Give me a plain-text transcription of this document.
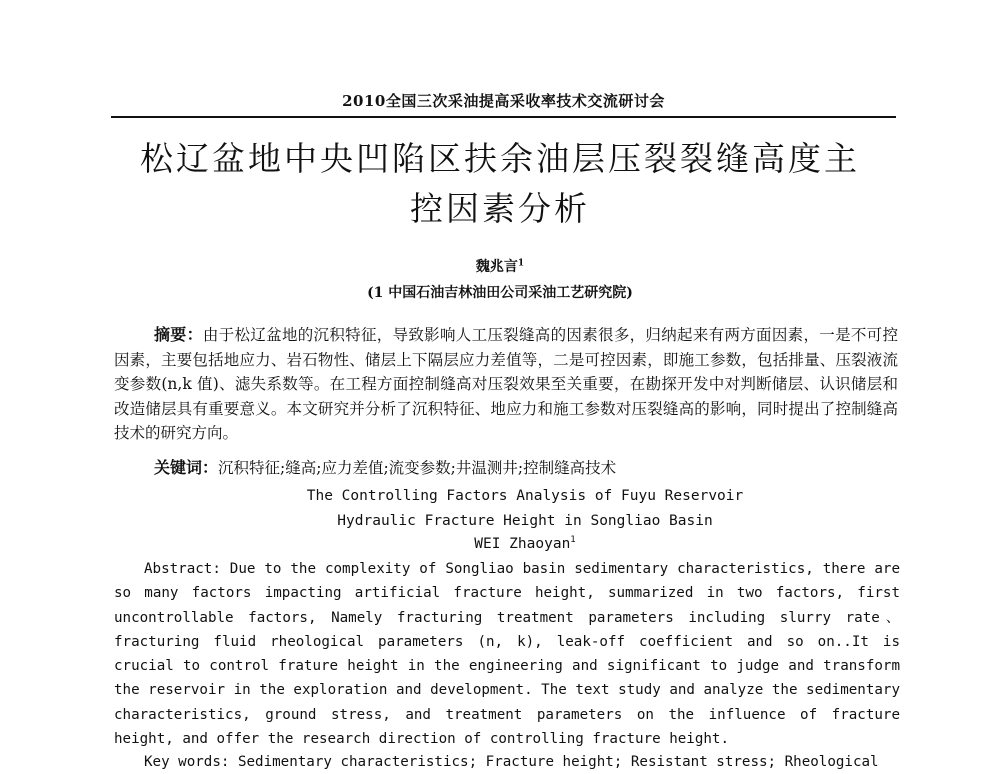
2010全国三次采油提高采收率技术交流研讨会
松辽盆地中央凹陷区扶余油层压裂裂缝高度主
控因素分析
魏兆言$^1$
(1 中国石油吉林油田公司采油工艺研究院)

摘要：由于松辽盆地的沉积特征，导致影响人工压裂缝高的因素很多，归纳起来有两方面因素，一是不可控因素，主要包括地应力、岩石物性、储层上下隔层应力差值等，二是可控因素，即施工参数，包括排量、压裂液流变参数(n,k 值)、滤失系数等。在工程方面控制缝高对压裂效果至关重要，在勘探开发中对判断储层、认识储层和改造储层具有重要意义。本文研究并分析了沉积特征、地应力和施工参数对压裂缝高的影响，同时提出了控制缝高技术的研究方向。

关键词：沉积特征;缝高;应力差值;流变参数;井温测井;控制缝高技术

The Controlling Factors Analysis of Fuyu Reservoir
Hydraulic Fracture Height in Songliao Basin
WEI Zhaoyan$^1$

Abstract: Due to the complexity of Songliao basin sedimentary characteristics, there are so many factors impacting artificial fracture height, summarized in two factors, first uncontrollable factors, Namely fracturing treatment parameters including slurry rate、 fracturing fluid rheological parameters (n, k), leak-off coefficient and so on..It is crucial to control frature height in the engineering and significant to judge and transform the reservoir in the exploration and development. The text study and analyze the sedimentary characteristics, ground stress, and treatment parameters on the influence of fracture height, and offer the research direction of controlling fracture height.

Key words: Sedimentary characteristics; Fracture height; Resistant stress; Rheological
